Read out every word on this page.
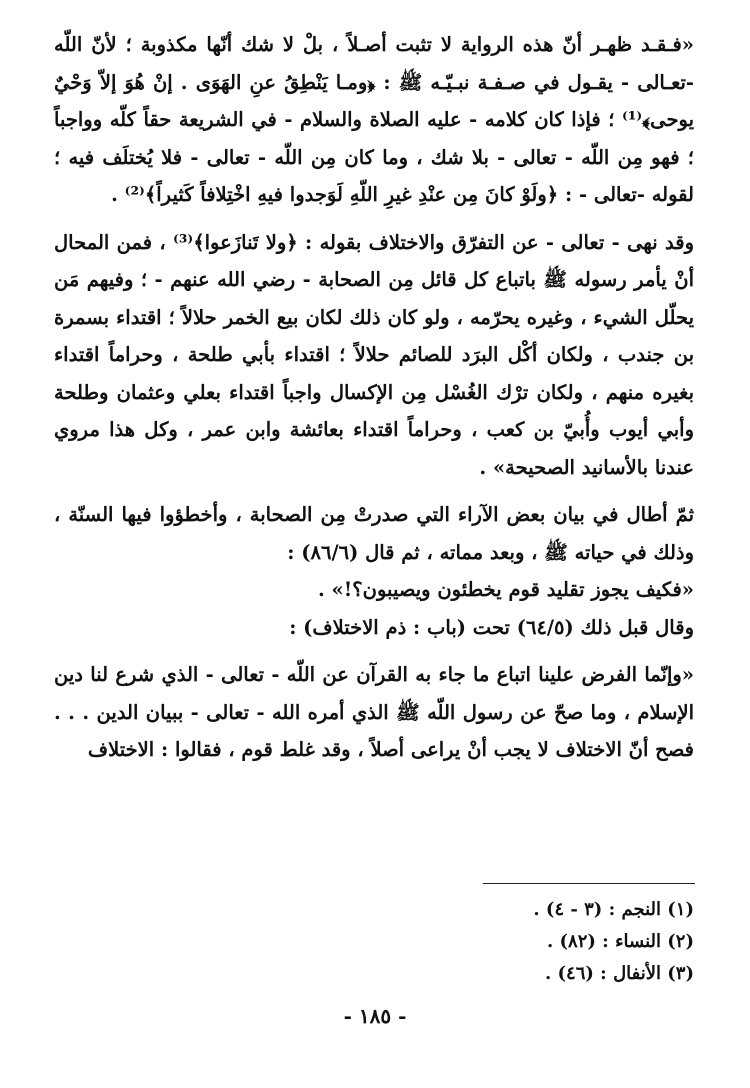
«فـقـد ظهـر أنّ هذه الرواية لا تثبت أصـلاً ، بلْ لا شك أنّها مكذوبة ؛ لأنّ اللّه -تعـالى - يقـول في صـفـة نبـيّـه ﷺ : ﴿ومـا يَنْطِقُ عنِ الهَوَى . إنْ هُوَ إلاّ وَحْيٌ يوحى﴾⁽¹⁾ ؛ فإذا كان كلامه - عليه الصلاة والسلام - في الشريعة حقاً كلّه وواجباً ؛ فهو مِن اللّه - تعالى - بلا شك ، وما كان مِن اللّه - تعالى - فلا يُختلَف فيه ؛ لقوله -تعالى - : ﴿ولَوْ كانَ مِن عنْدِ غيرِ اللّهِ لَوَجدوا فيهِ اخْتِلافاً كَثيراً﴾⁽²⁾ .

وقد نهى - تعالى - عن التفرّق والاختلاف بقوله : ﴿ولا تَنازَعوا﴾⁽³⁾ ، فمن المحال أنْ يأمر رسوله ﷺ باتباع كل قائل مِن الصحابة - رضي الله عنهم - ؛ وفيهم مَن يحلّل الشيء ، وغيره يحرّمه ، ولو كان ذلك لكان بيع الخمر حلالاً ؛ اقتداء بسمرة بن جندب ، ولكان أكْل البرَد للصائم حلالاً ؛ اقتداء بأبي طلحة ، وحراماً اقتداء بغيره منهم ، ولكان ترْك الغُسْل مِن الإكسال واجباً اقتداء بعلي وعثمان وطلحة وأبي أيوب وأُبيّ بن كعب ، وحراماً اقتداء بعائشة وابن عمر ، وكل هذا مروي عندنا بالأسانيد الصحيحة» .

ثمّ أطال في بيان بعض الآراء التي صدرتْ مِن الصحابة ، وأخطؤوا فيها السنّة ، وذلك في حياته ﷺ ، وبعد مماته ، ثم قال (٨٦/٦) :

«فكيف يجوز تقليد قوم يخطئون ويصيبون؟!» .

وقال قبل ذلك (٦٤/٥) تحت (باب : ذم الاختلاف) :

«وإنّما الفرض علينا اتباع ما جاء به القرآن عن اللّه - تعالى - الذي شرع لنا دين الإسلام ، وما صحّ عن رسول اللّه ﷺ الذي أمره الله - تعالى - ببيان الدين . . . فصح أنّ الاختلاف لا يجب أنْ يراعى أصلاً ، وقد غلط قوم ، فقالوا : الاختلاف

(١) النجم : (٣ - ٤) .
(٢) النساء : (٨٢) .
(٣) الأنفال : (٤٦) .
- ١٨٥ -
